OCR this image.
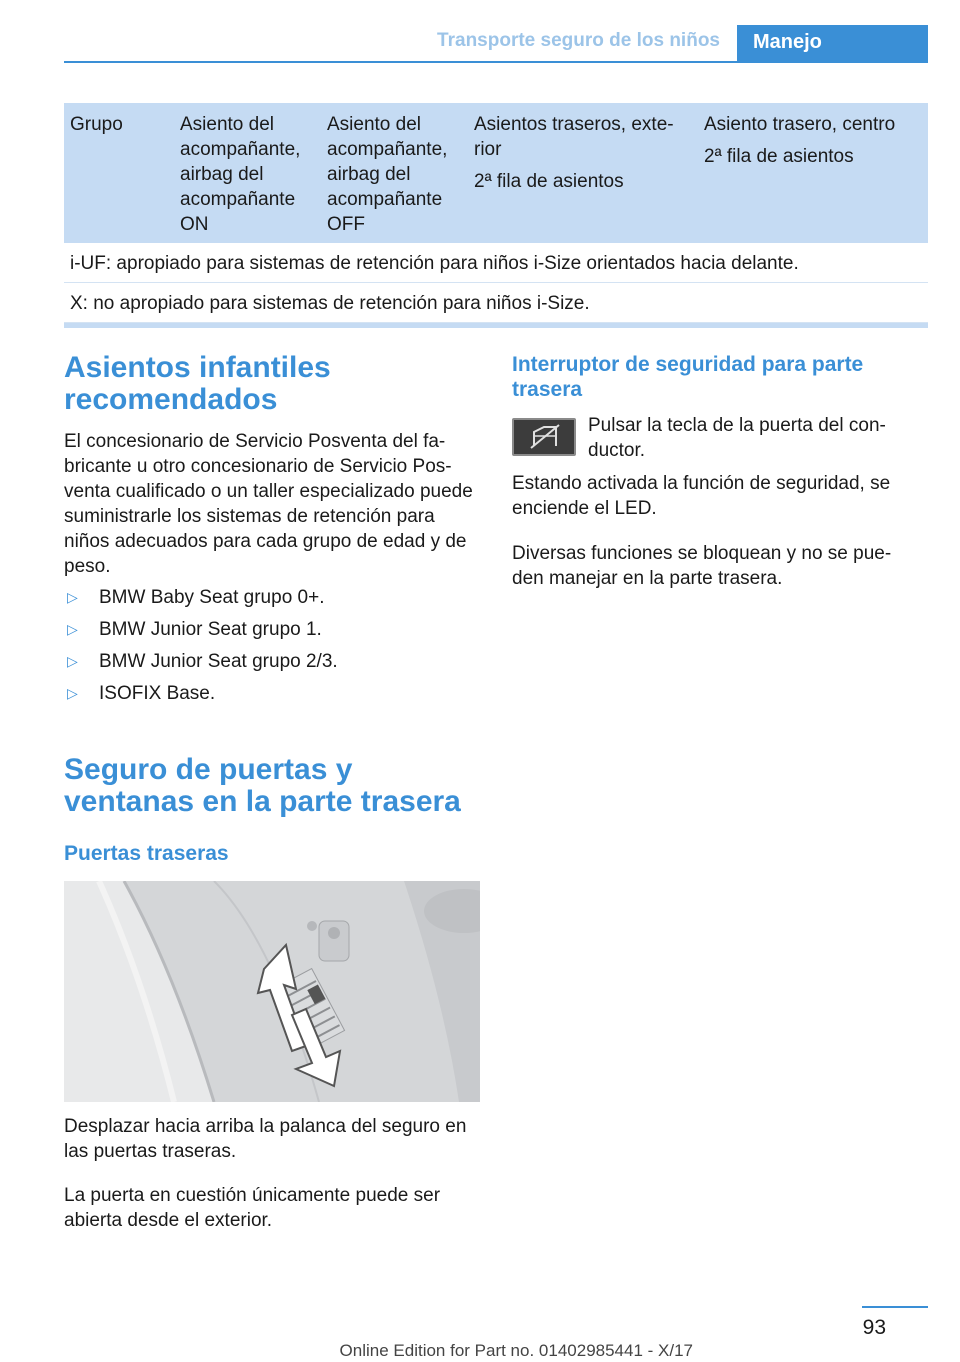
Transporte seguro de los niños	Manejo

Grupo	Asiento del acompañante, airbag del acompañante ON

Asiento del acompañante, airbag del acompañante OFF

Asientos traseros, exte-rior

2ª fila de asientos

Asiento trasero, centro

2ª fila de asientos

i-UF: apropiado para sistemas de retención para niños i-Size orientados hacia delante.
X: no apropiado para sistemas de retención para niños i-Size.
Asientos infantiles
recomendados

El concesionario de Servicio Posventa del fa-bricante u otro concesionario de Servicio Pos-venta cualificado o un taller especializado puede suministrarle los sistemas de retención para niños adecuados para cada grupo de edad y de peso.

▷ BMW Baby Seat grupo 0+.
▷ BMW Junior Seat grupo 1.
▷ BMW Junior Seat grupo 2/3.
▷ ISOFIX Base.
Seguro de puertas y
ventanas en la parte trasera
Puertas traseras

Desplazar hacia arriba la palanca del seguro en las puertas traseras.

La puerta en cuestión únicamente puede ser abierta desde el exterior.

Interruptor de seguridad para parte trasera

Pulsar la tecla de la puerta del con-ductor.

Estando activada la función de seguridad, se enciende el LED.

Diversas funciones se bloquean y no se pue-den manejar en la parte trasera.

93
Online Edition for Part no. 01402985441 - X/17
